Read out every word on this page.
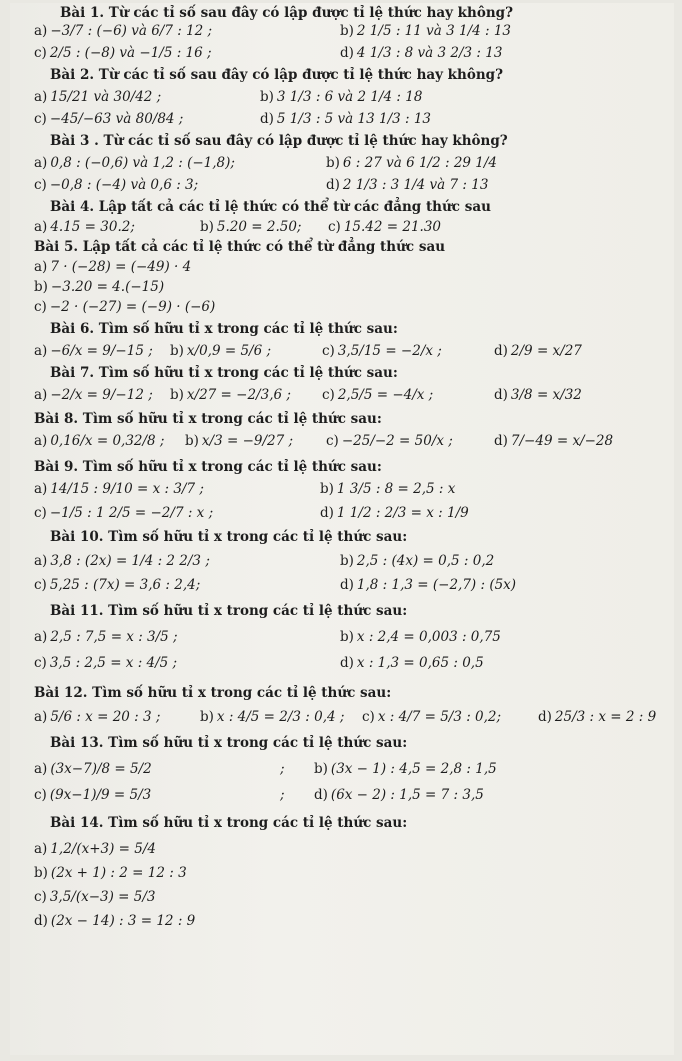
Bài 1. Từ các tỉ số sau đây có lập được tỉ lệ thức hay không?
a) −3/7 : (−6) và 6/7 : 12 ;	b) 2 1/5 : 11 và 3 1/4 : 13
c) 2/5 : (−8) và −1/5 : 16 ;	d) 4 1/3 : 8 và 3 2/3 : 13
Bài 2. Từ các tỉ số sau đây có lập được tỉ lệ thức hay không?
a) 15/21 và 30/42 ;	b) 3 1/3 : 6 và 2 1/4 : 18
c) −45/−63 và 80/84 ;	d) 5 1/3 : 5 và 13 1/3 : 13
Bài 3 . Từ các tỉ số sau đây có lập được tỉ lệ thức hay không?
a) 0,8 : (−0,6) và 1,2 : (−1,8);	b) 6 : 27 và 6 1/2 : 29 1/4
c) −0,8 : (−4) và 0,6 : 3;	d) 2 1/3 : 3 1/4 và 7 : 13
Bài 4. Lập tất cả các tỉ lệ thức có thể từ các đẳng thức sau
a) 4.15 = 30.2;	b) 5.20 = 2.50; c) 15.42 = 21.30
Bài 5. Lập tất cả các tỉ lệ thức có thể từ đẳng thức sau
a) 7 · (−28) = (−49) · 4
b) −3.20 = 4.(−15)
c) −2 · (−27) = (−9) · (−6)
Bài 6. Tìm số hữu tỉ x trong các tỉ lệ thức sau:
a) −6/x = 9/−15 ; b) x/0,9 = 5/6 ;	c) 3,5/15 = −2/x ;	d) 2/9 = x/27
Bài 7. Tìm số hữu tỉ x trong các tỉ lệ thức sau:
a) −2/x = 9/−12 ; b) x/27 = −2/3,6 ; c) 2,5/5 = −4/x ;	d) 3/8 = x/32
Bài 8. Tìm số hữu tỉ x trong các tỉ lệ thức sau:
a) 0,16/x = 0,32/8 ; b) x/3 = −9/27 ; c) −25/−2 = 50/x ;	d) 7/−49 = x/−28
Bài 9. Tìm số hữu tỉ x trong các tỉ lệ thức sau:
a) 14/15 : 9/10 = x : 3/7 ;	b) 1 3/5 : 8 = 2,5 : x
c) −1/5 : 1 2/5 = −2/7 : x ;	d) 1 1/2 : 2/3 = x : 1/9
Bài 10. Tìm số hữu tỉ x trong các tỉ lệ thức sau:
a) 3,8 : (2x) = 1/4 : 2 2/3 ;	b) 2,5 : (4x) = 0,5 : 0,2
c) 5,25 : (7x) = 3,6 : 2,4;	d) 1,8 : 1,3 = (−2,7) : (5x)
Bài 11. Tìm số hữu tỉ x trong các tỉ lệ thức sau:
a) 2,5 : 7,5 = x : 3/5 ;	b) x : 2,4 = 0,003 : 0,75
c) 3,5 : 2,5 = x : 4/5 ;	d) x : 1,3 = 0,65 : 0,5
Bài 12. Tìm số hữu tỉ x trong các tỉ lệ thức sau:
a) 5/6 : x = 20 : 3 ;	b) x : 4/5 = 2/3 : 0,4 ; c) x : 4/7 = 5/3 : 0,2;	d) 25/3 : x = 2 : 9
Bài 13. Tìm số hữu tỉ x trong các tỉ lệ thức sau:
a) (3x−7)/8 = 5/2	; b) (3x − 1) : 4,5 = 2,8 : 1,5
c) (9x−1)/9 = 5/3	; d) (6x − 2) : 1,5 = 7 : 3,5
Bài 14. Tìm số hữu tỉ x trong các tỉ lệ thức sau:
a) 1,2/(x+3) = 5/4
b) (2x + 1) : 2 = 12 : 3
c) 3,5/(x−3) = 5/3
d) (2x − 14) : 3 = 12 : 9
